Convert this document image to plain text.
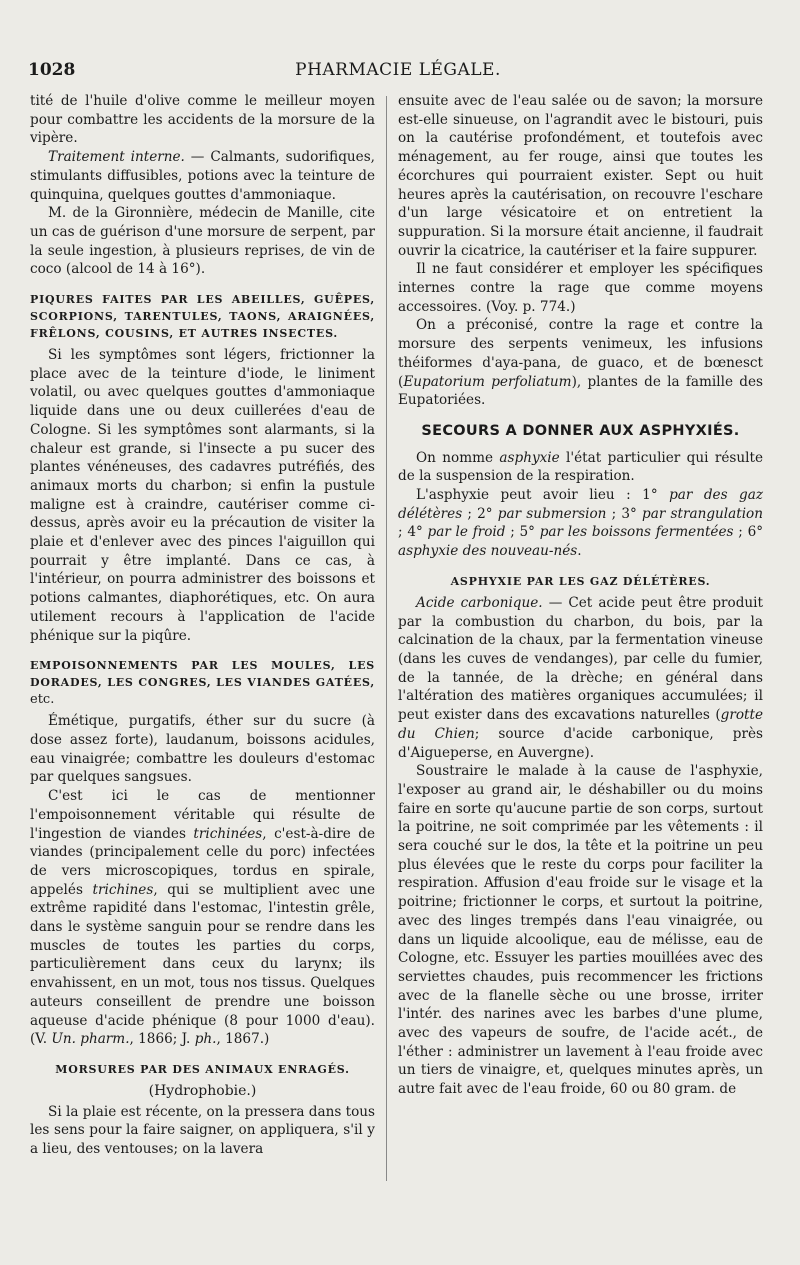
1028	PHARMACIE LÉGALE.

tité de l'huile d'olive comme le meilleur moyen pour combattre les accidents de la morsure de la vipère.

Traitement interne. — Calmants, sudorifiques, stimulants diffusibles, potions avec la teinture de quinquina, quelques gouttes d'ammoniaque.

M. de la Gironnière, médecin de Manille, cite un cas de guérison d'une morsure de serpent, par la seule ingestion, à plusieurs reprises, de vin de coco (alcool de 14 à 16°).

PIQURES FAITES PAR LES ABEILLES, GUÊPES, SCORPIONS, TARENTULES, TAONS, ARAIGNÉES, FRÊLONS, COUSINS, ET AUTRES INSECTES.

Si les symptômes sont légers, frictionner la place avec de la teinture d'iode, le liniment volatil, ou avec quelques gouttes d'ammoniaque liquide dans une ou deux cuillerées d'eau de Cologne. Si les symptômes sont alarmants, si la chaleur est grande, si l'insecte a pu sucer des plantes vénéneuses, des cadavres putréfiés, des animaux morts du charbon; si enfin la pustule maligne est à craindre, cautériser comme ci-dessus, après avoir eu la précaution de visiter la plaie et d'enlever avec des pinces l'aiguillon qui pourrait y être implanté. Dans ce cas, à l'intérieur, on pourra administrer des boissons et potions calmantes, diaphorétiques, etc. On aura utilement recours à l'application de l'acide phénique sur la piqûre.

EMPOISONNEMENTS PAR LES MOULES, LES DORADES, LES CONGRES, LES VIANDES GATÉES, etc.

Émétique, purgatifs, éther sur du sucre (à dose assez forte), laudanum, boissons acidules, eau vinaigrée; combattre les douleurs d'estomac par quelques sangsues.

C'est ici le cas de mentionner l'empoisonnement véritable qui résulte de l'ingestion de viandes trichinées, c'est-à-dire de viandes (principalement celle du porc) infectées de vers microscopiques, tordus en spirale, appelés trichines, qui se multiplient avec une extrême rapidité dans l'estomac, l'intestin grêle, dans le système sanguin pour se rendre dans les muscles de toutes les parties du corps, particulièrement dans ceux du larynx; ils envahissent, en un mot, tous nos tissus. Quelques auteurs conseillent de prendre une boisson aqueuse d'acide phénique (8 pour 1000 d'eau). (V. Un. pharm., 1866; J. ph., 1867.)

MORSURES PAR DES ANIMAUX ENRAGÉS.
(Hydrophobie.)

Si la plaie est récente, on la pressera dans tous les sens pour la faire saigner, on appliquera, s'il y a lieu, des ventouses; on la lavera

ensuite avec de l'eau salée ou de savon; la morsure est-elle sinueuse, on l'agrandit avec le bistouri, puis on la cautérise profondément, et toutefois avec ménagement, au fer rouge, ainsi que toutes les écorchures qui pourraient exister. Sept ou huit heures après la cautérisation, on recouvre l'eschare d'un large vésicatoire et on entretient la suppuration. Si la morsure était ancienne, il faudrait ouvrir la cicatrice, la cautériser et la faire suppurer.

Il ne faut considérer et employer les spécifiques internes contre la rage que comme moyens accessoires. (Voy. p. 774.)

On a préconisé, contre la rage et contre la morsure des serpents venimeux, les infusions théiformes d'aya-pana, de guaco, et de bœnesct (Eupatorium perfoliatum), plantes de la famille des Eupatoriées.

SECOURS A DONNER AUX ASPHYXIÉS.

On nomme asphyxie l'état particulier qui résulte de la suspension de la respiration.

L'asphyxie peut avoir lieu : 1° par des gaz délétères ; 2° par submersion ; 3° par strangulation ; 4° par le froid ; 5° par les boissons fermentées ; 6° asphyxie des nouveau-nés.

ASPHYXIE PAR LES GAZ DÉLÉTÈRES.

Acide carbonique. — Cet acide peut être produit par la combustion du charbon, du bois, par la calcination de la chaux, par la fermentation vineuse (dans les cuves de vendanges), par celle du fumier, de la tannée, de la drèche; en général dans l'altération des matières organiques accumulées; il peut exister dans des excavations naturelles (grotte du Chien; source d'acide carbonique, près d'Aigueperse, en Auvergne).

Soustraire le malade à la cause de l'asphyxie, l'exposer au grand air, le déshabiller ou du moins faire en sorte qu'aucune partie de son corps, surtout la poitrine, ne soit comprimée par les vêtements : il sera couché sur le dos, la tête et la poitrine un peu plus élevées que le reste du corps pour faciliter la respiration. Affusion d'eau froide sur le visage et la poitrine; frictionner le corps, et surtout la poitrine, avec des linges trempés dans l'eau vinaigrée, ou dans un liquide alcoolique, eau de mélisse, eau de Cologne, etc. Essuyer les parties mouillées avec des serviettes chaudes, puis recommencer les frictions avec de la flanelle sèche ou une brosse, irriter l'intér. des narines avec les barbes d'une plume, avec des vapeurs de soufre, de l'acide acét., de l'éther : administrer un lavement à l'eau froide avec un tiers de vinaigre, et, quelques minutes après, un autre fait avec de l'eau froide, 60 ou 80 gram. de
